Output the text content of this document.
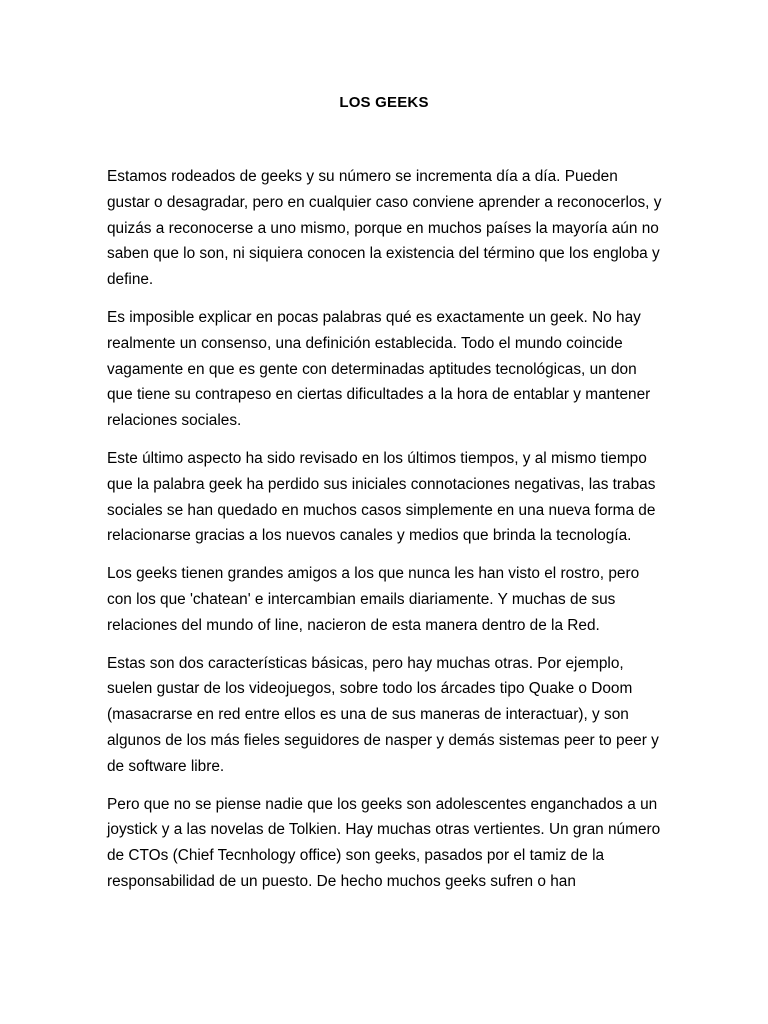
LOS GEEKS

Estamos rodeados de geeks y su número se incrementa día a día. Pueden gustar o desagradar, pero en cualquier caso conviene aprender a reconocerlos, y quizás a reconocerse a uno mismo, porque en muchos países la mayoría aún no saben que lo son, ni siquiera conocen la existencia del término que los engloba y define.

Es imposible explicar en pocas palabras qué es exactamente un geek. No hay realmente un consenso, una definición establecida. Todo el mundo coincide vagamente en que es gente con determinadas aptitudes tecnológicas, un don que tiene su contrapeso en ciertas dificultades a la hora de entablar y mantener relaciones sociales.

Este último aspecto ha sido revisado en los últimos tiempos, y al mismo tiempo que la palabra geek ha perdido sus iniciales connotaciones negativas, las trabas sociales se han quedado en muchos casos simplemente en una nueva forma de relacionarse gracias a los nuevos canales y medios que brinda la tecnología.

Los geeks tienen grandes amigos a los que nunca les han visto el rostro, pero con los que 'chatean' e intercambian emails diariamente. Y muchas de sus relaciones del mundo of line, nacieron de esta manera dentro de la Red.

Estas son dos características básicas, pero hay muchas otras. Por ejemplo, suelen gustar de los videojuegos, sobre todo los árcades tipo Quake o Doom (masacrarse en red entre ellos es una de sus maneras de interactuar), y son algunos de los más fieles seguidores de nasper y demás sistemas peer to peer y de software libre.

Pero que no se piense nadie que los geeks son adolescentes enganchados a un joystick y a las novelas de Tolkien. Hay muchas otras vertientes. Un gran número de CTOs (Chief Tecnhology office) son geeks, pasados por el tamiz de la responsabilidad de un puesto. De hecho muchos geeks sufren o han
